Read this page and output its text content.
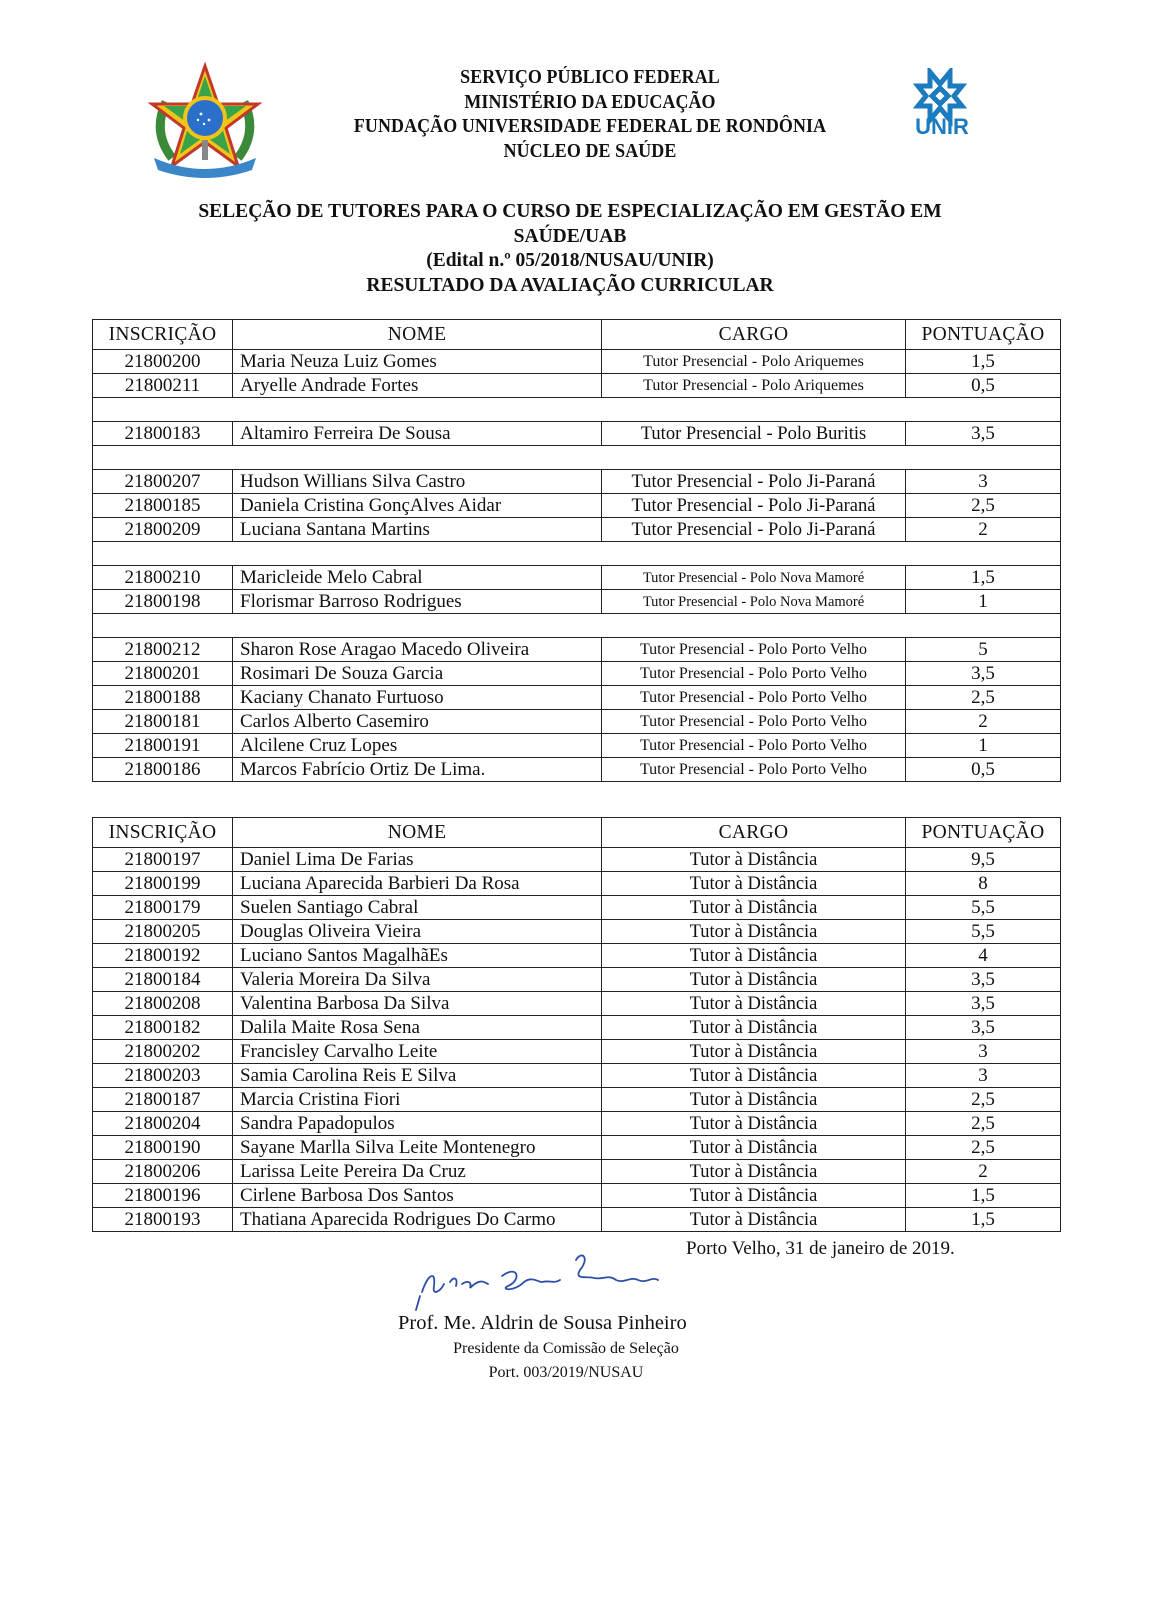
SERVIÇO PÚBLICO FEDERAL
MINISTÉRIO DA EDUCAÇÃO
FUNDAÇÃO UNIVERSIDADE FEDERAL DE RONDÔNIA
NÚCLEO DE SAÚDE
UNIR
SELEÇÃO DE TUTORES PARA O CURSO DE ESPECIALIZAÇÃO EM GESTÃO EM
SAÚDE/UAB
(Edital n.º 05/2018/NUSAU/UNIR)
RESULTADO DA AVALIAÇÃO CURRICULAR
INSCRIÇÃO	NOME	CARGO	PONTUAÇÃO
21800200	Maria Neuza Luiz Gomes	Tutor Presencial - Polo Ariquemes	1,5
21800211	Aryelle Andrade Fortes	Tutor Presencial - Polo Ariquemes	0,5

21800183	Altamiro Ferreira De Sousa	Tutor Presencial - Polo Buritis	3,5

21800207	Hudson Willians Silva Castro	Tutor Presencial - Polo Ji-Paraná	3
21800185	Daniela Cristina GonçAlves Aidar	Tutor Presencial - Polo Ji-Paraná	2,5
21800209	Luciana Santana Martins	Tutor Presencial - Polo Ji-Paraná	2

21800210	Maricleide Melo Cabral	Tutor Presencial - Polo Nova Mamoré	1,5
21800198	Florismar Barroso Rodrigues	Tutor Presencial - Polo Nova Mamoré	1

21800212	Sharon Rose Aragao Macedo Oliveira	Tutor Presencial - Polo Porto Velho	5
21800201	Rosimari De Souza Garcia	Tutor Presencial - Polo Porto Velho	3,5
21800188	Kaciany Chanato Furtuoso	Tutor Presencial - Polo Porto Velho	2,5
21800181	Carlos Alberto Casemiro	Tutor Presencial - Polo Porto Velho	2
21800191	Alcilene Cruz Lopes	Tutor Presencial - Polo Porto Velho	1
21800186	Marcos Fabrício Ortiz De Lima.	Tutor Presencial - Polo Porto Velho	0,5
INSCRIÇÃO	NOME	CARGO	PONTUAÇÃO
21800197	Daniel Lima De Farias	Tutor à Distância	9,5
21800199	Luciana Aparecida Barbieri Da Rosa	Tutor à Distância	8
21800179	Suelen Santiago Cabral	Tutor à Distância	5,5
21800205	Douglas Oliveira Vieira	Tutor à Distância	5,5
21800192	Luciano Santos MagalhãEs	Tutor à Distância	4
21800184	Valeria Moreira Da Silva	Tutor à Distância	3,5
21800208	Valentina Barbosa Da Silva	Tutor à Distância	3,5
21800182	Dalila Maite Rosa Sena	Tutor à Distância	3,5
21800202	Francisley Carvalho Leite	Tutor à Distância	3
21800203	Samia Carolina Reis E Silva	Tutor à Distância	3
21800187	Marcia Cristina Fiori	Tutor à Distância	2,5
21800204	Sandra Papadopulos	Tutor à Distância	2,5
21800190	Sayane Marlla Silva Leite Montenegro	Tutor à Distância	2,5
21800206	Larissa Leite Pereira Da Cruz	Tutor à Distância	2
21800196	Cirlene Barbosa Dos Santos	Tutor à Distância	1,5
21800193	Thatiana Aparecida Rodrigues Do Carmo	Tutor à Distância	1,5
Porto Velho, 31 de janeiro de 2019.
Prof. Me. Aldrin de Sousa Pinheiro
Presidente da Comissão de Seleção
Port. 003/2019/NUSAU
